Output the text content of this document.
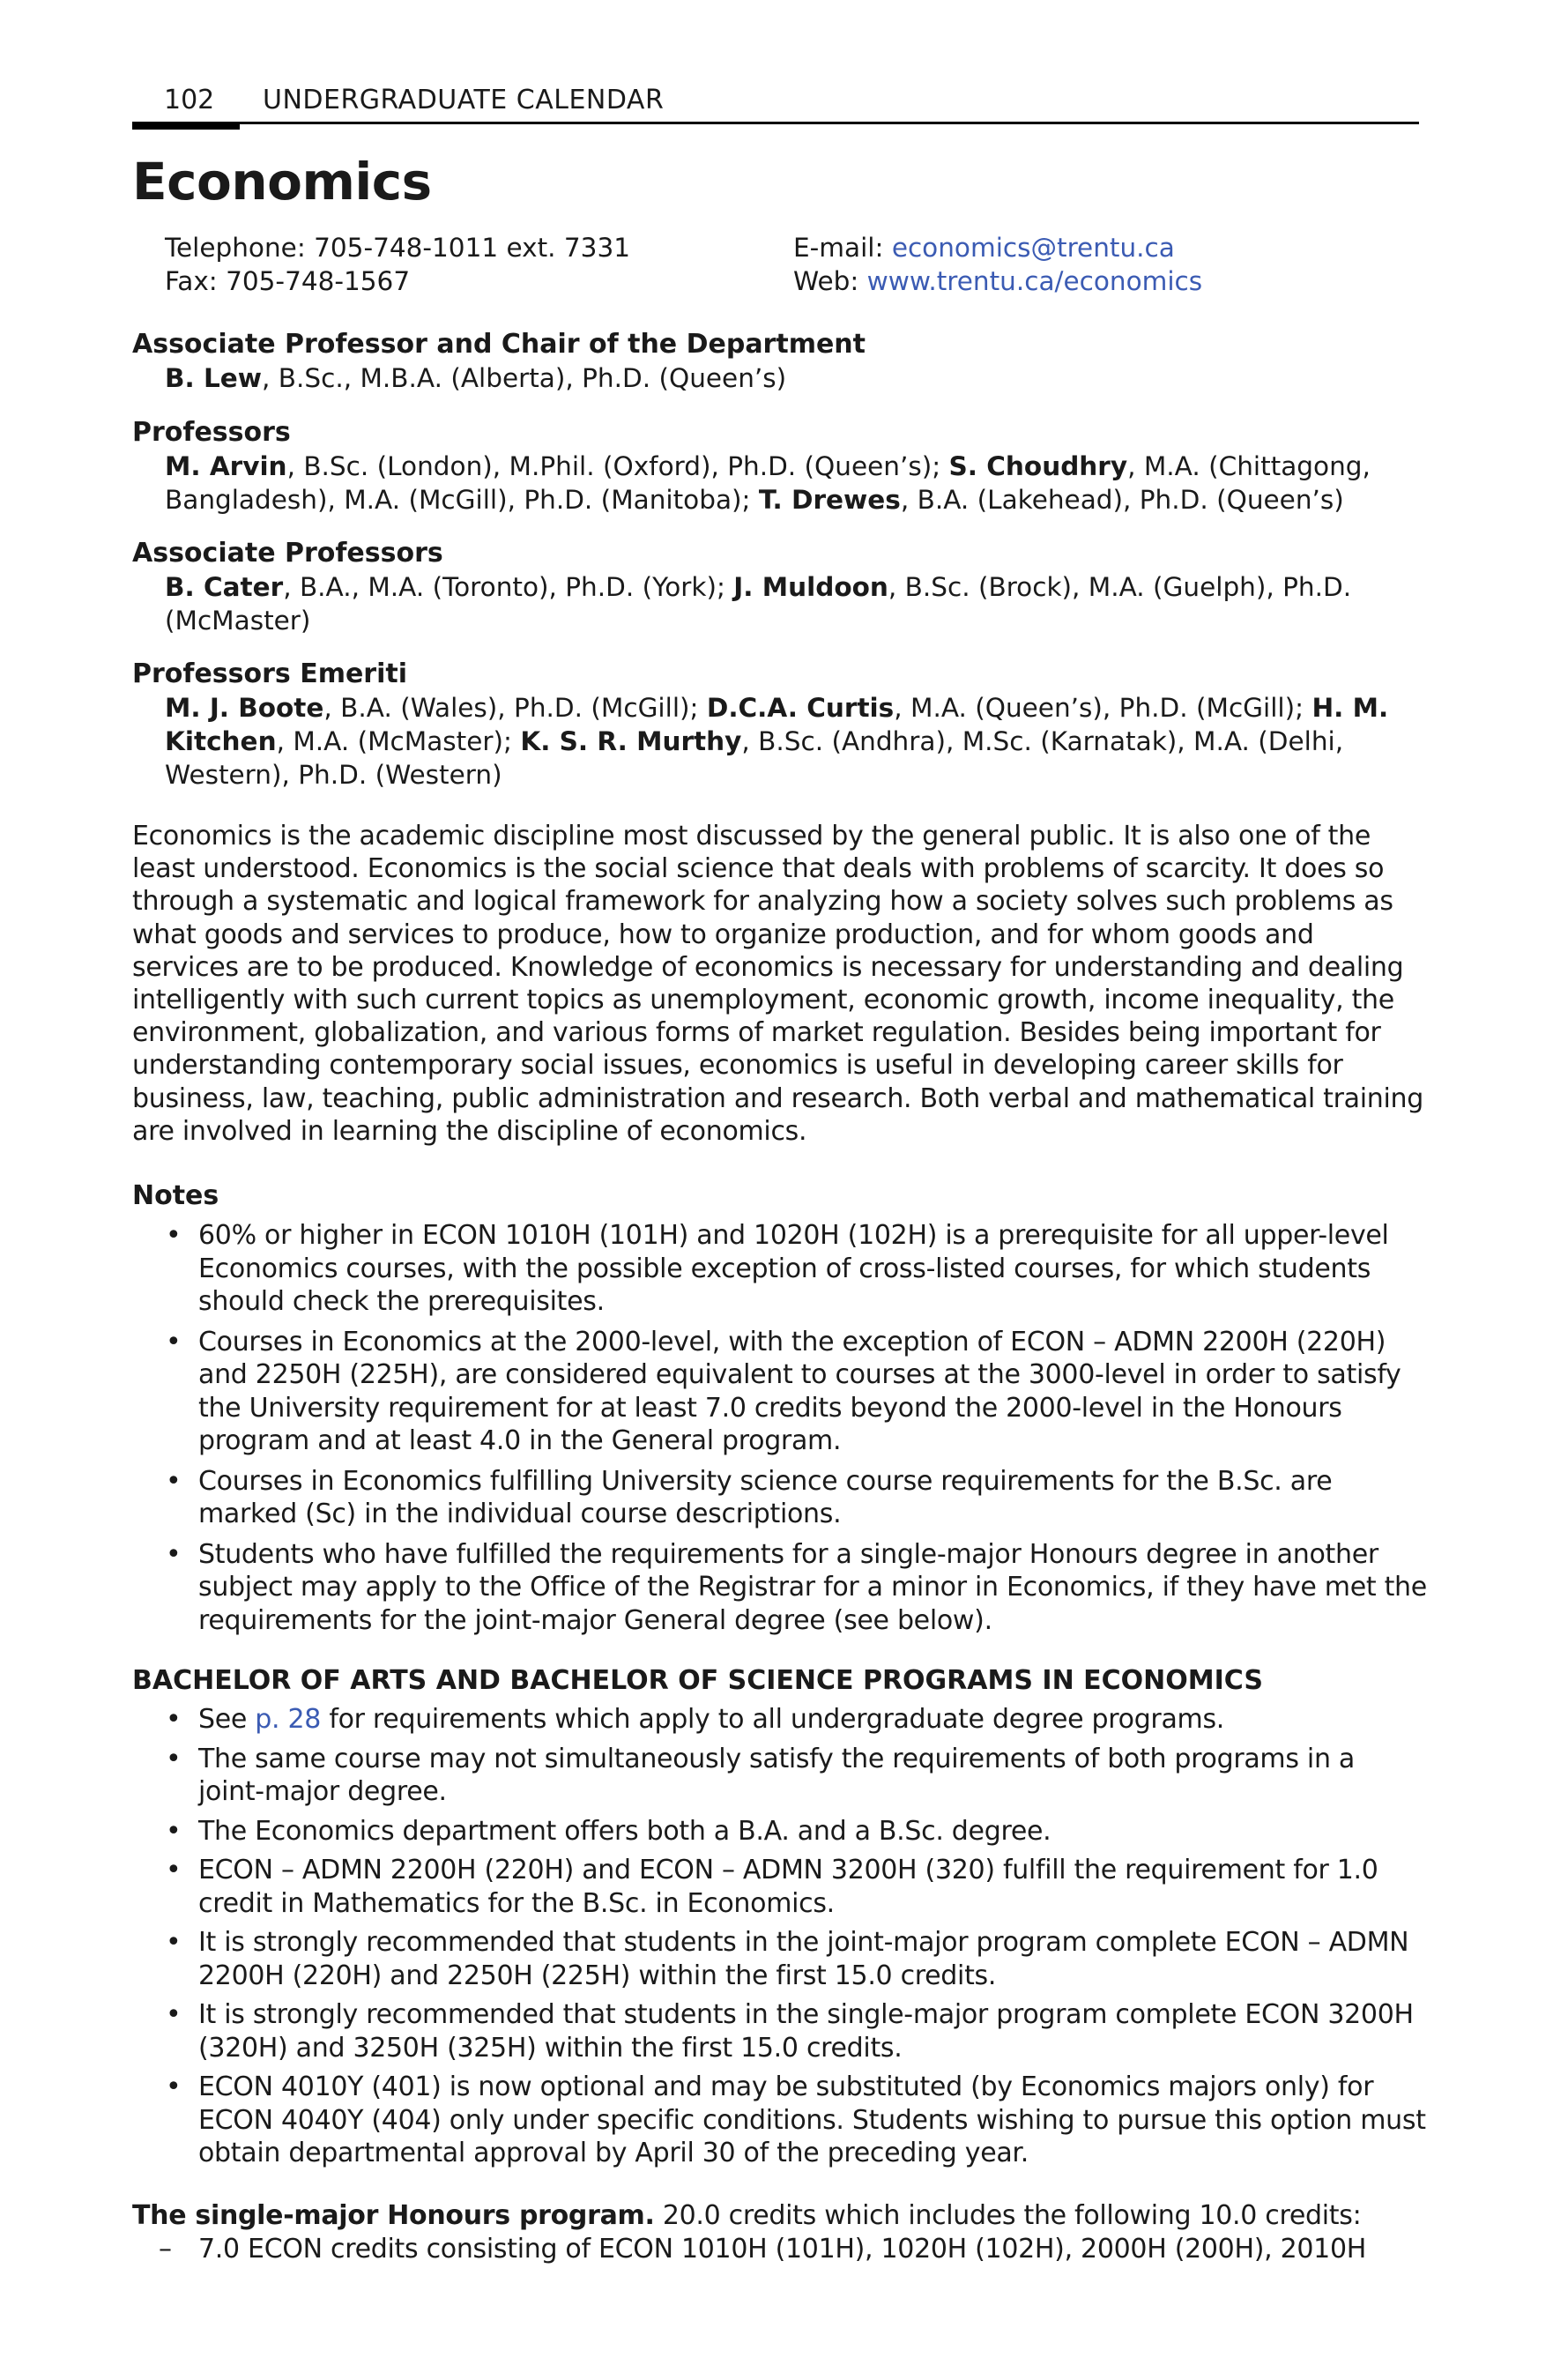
102 UNDERGRADUATE CALENDAR
Economics
Telephone: 705-748-1011 ext. 7331
Fax: 705-748-1567
E-mail: economics@trentu.ca
Web: www.trentu.ca/economics
Associate Professor and Chair of the Department

B. Lew, B.Sc., M.B.A. (Alberta), Ph.D. (Queen’s)

Professors

M. Arvin, B.Sc. (London), M.Phil. (Oxford), Ph.D. (Queen’s); S. Choudhry, M.A. (Chittagong, Bangladesh), M.A. (McGill), Ph.D. (Manitoba); T. Drewes, B.A. (Lakehead), Ph.D. (Queen’s)

Associate Professors

B. Cater, B.A., M.A. (Toronto), Ph.D. (York); J. Muldoon, B.Sc. (Brock), M.A. (Guelph), Ph.D. (McMaster)

Professors Emeriti

M. J. Boote, B.A. (Wales), Ph.D. (McGill); D.C.A. Curtis, M.A. (Queen’s), Ph.D. (McGill); H. M. Kitchen, M.A. (McMaster); K. S. R. Murthy, B.Sc. (Andhra), M.Sc. (Karnatak), M.A. (Delhi, Western), Ph.D. (Western)

Economics is the academic discipline most discussed by the general public. It is also one of the least understood. Economics is the social science that deals with problems of scarcity. It does so through a systematic and logical framework for analyzing how a society solves such problems as what goods and services to produce, how to organize production, and for whom goods and services are to be produced. Knowledge of economics is necessary for understanding and dealing intelligently with such current topics as unemployment, economic growth, income inequality, the environment, globalization, and various forms of market regulation. Besides being important for understanding contemporary social issues, economics is useful in developing career skills for business, law, teaching, public administration and research. Both verbal and mathematical training are involved in learning the discipline of economics.

Notes
• 60% or higher in ECON 1010H (101H) and 1020H (102H) is a prerequisite for all upper-level Economics courses, with the possible exception of cross-listed courses, for which students should check the prerequisites.
• Courses in Economics at the 2000-level, with the exception of ECON – ADMN 2200H (220H) and 2250H (225H), are considered equivalent to courses at the 3000-level in order to satisfy the University requirement for at least 7.0 credits beyond the 2000-level in the Honours program and at least 4.0 in the General program.
• Courses in Economics fulfilling University science course requirements for the B.Sc. are marked (Sc) in the individual course descriptions.
• Students who have fulfilled the requirements for a single-major Honours degree in another subject may apply to the Office of the Registrar for a minor in Economics, if they have met the requirements for the joint-major General degree (see below).
BACHELOR OF ARTS AND BACHELOR OF SCIENCE PROGRAMS IN ECONOMICS
• See p. 28 for requirements which apply to all undergraduate degree programs.
• The same course may not simultaneously satisfy the requirements of both programs in a joint-major degree.
• The Economics department offers both a B.A. and a B.Sc. degree.
• ECON – ADMN 2200H (220H) and ECON – ADMN 3200H (320) fulfill the requirement for 1.0 credit in Mathematics for the B.Sc. in Economics.
• It is strongly recommended that students in the joint-major program complete ECON – ADMN 2200H (220H) and 2250H (225H) within the first 15.0 credits.
• It is strongly recommended that students in the single-major program complete ECON 3200H (320H) and 3250H (325H) within the first 15.0 credits.
• ECON 4010Y (401) is now optional and may be substituted (by Economics majors only) for ECON 4040Y (404) only under specific conditions. Students wishing to pursue this option must obtain departmental approval by April 30 of the preceding year.
The single-major Honours program. 20.0 credits which includes the following 10.0 credits:
– 7.0 ECON credits consisting of ECON 1010H (101H), 1020H (102H), 2000H (200H), 2010H
